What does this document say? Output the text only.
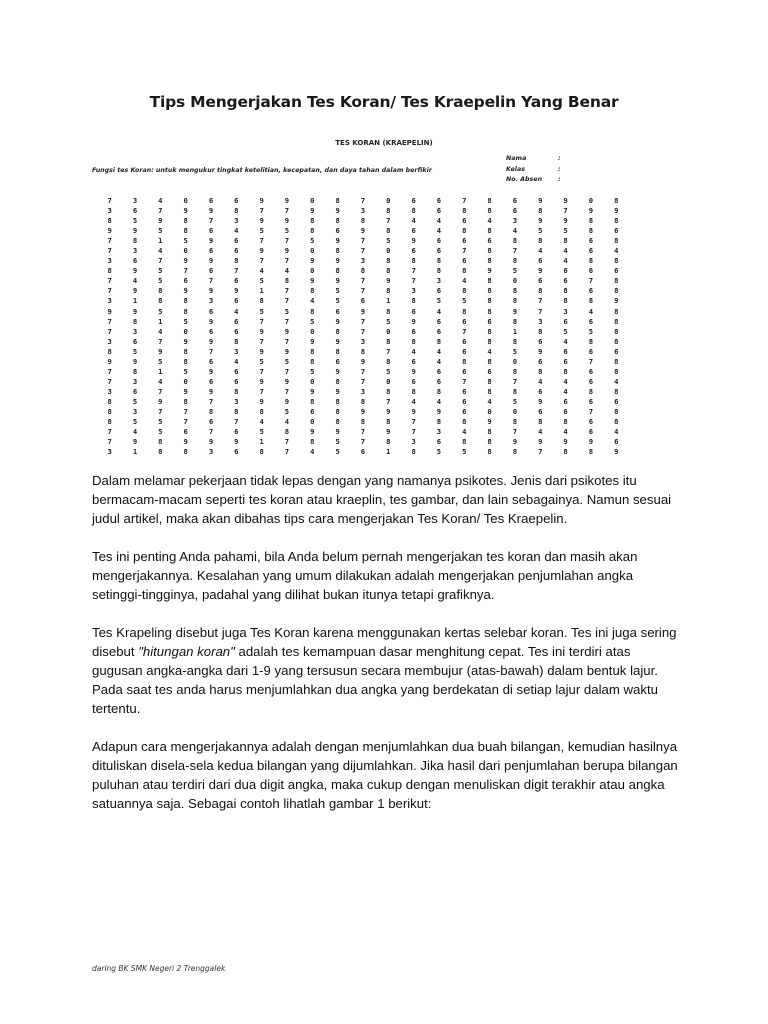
Tips Mengerjakan Tes Koran/ Tes Kraepelin Yang Benar
TES KORAN (KRAEPELIN)
Fungsi tes Koran: untuk mengukur tingkat ketelitian, kecepatan, dan daya tahan dalam berfikir
Nama	:
Kelas	:
No. Absen	:
7	3	4	0	6	6	9	9	0	8	7	0	6	6	7	8	6	9	9	0	8
3	6	7	9	9	8	7	7	9	9	3	8	8	6	8	8	6	8	7	9	9
8	5	9	8	7	3	9	9	8	8	8	7	4	4	6	4	3	9	9	8	8
9	9	5	8	6	4	5	5	8	6	9	8	6	4	8	8	4	5	5	8	6
7	8	1	5	9	6	7	7	5	9	7	5	9	6	6	6	8	8	8	6	8
7	3	4	0	6	6	9	9	0	8	7	0	6	6	7	8	7	4	4	6	4
3	6	7	9	9	8	7	7	9	9	3	8	8	8	6	8	8	6	4	8	8
8	9	5	7	6	7	4	4	0	8	8	8	7	8	8	9	5	9	6	6	6
7	4	5	6	7	6	5	8	9	9	7	9	7	3	4	8	0	6	6	7	8
7	9	8	9	9	9	1	7	8	5	7	8	3	6	8	8	8	8	8	6	8
3	1	8	8	3	6	8	7	4	5	6	1	8	5	5	8	8	7	8	8	9
9	9	5	8	6	4	5	5	8	6	9	8	6	4	8	8	9	7	3	4	8
7	8	1	5	9	6	7	7	5	9	7	5	9	6	6	6	8	3	6	6	8
7	3	4	0	6	6	9	9	0	8	7	0	6	6	7	8	1	8	5	5	8
3	6	7	9	9	8	7	7	9	9	3	8	8	8	6	8	8	6	4	8	8
8	5	9	8	7	3	9	9	8	8	8	7	4	4	6	4	5	9	6	6	6
9	9	5	8	6	4	5	5	8	6	9	8	6	4	8	8	0	6	6	7	8
7	8	1	5	9	6	7	7	5	9	7	5	9	6	6	6	8	8	8	6	8
7	3	4	0	6	6	9	9	0	8	7	0	6	6	7	8	7	4	4	6	4
3	6	7	9	9	8	7	7	9	9	3	8	8	8	6	8	8	6	4	8	8
8	5	9	8	7	3	9	9	8	8	8	7	4	4	6	4	5	9	6	6	6
8	3	7	7	8	8	8	5	6	8	9	9	9	9	6	0	0	6	6	7	8
8	5	5	7	6	7	4	4	0	8	8	8	7	8	8	9	8	8	8	6	8
7	4	5	6	7	6	5	8	9	9	7	9	7	3	4	8	7	4	4	6	4
7	9	8	9	9	9	1	7	8	5	7	8	3	6	8	8	9	9	9	9	6
3	1	8	8	3	6	8	7	4	5	6	1	8	5	5	8	8	7	8	8	9

Dalam melamar pekerjaan tidak lepas dengan yang namanya psikotes. Jenis dari psikotes itu bermacam-macam seperti tes koran atau kraeplin, tes gambar, dan lain sebagainya. Namun sesuai judul artikel, maka akan dibahas tips cara mengerjakan Tes Koran/ Tes Kraepelin.

Tes ini penting Anda pahami, bila Anda belum pernah mengerjakan tes koran dan masih akan mengerjakannya. Kesalahan yang umum dilakukan adalah mengerjakan penjumlahan angka setinggi-tingginya, padahal yang dilihat bukan itunya tetapi grafiknya.

Tes Krapeling disebut juga Tes Koran karena menggunakan kertas selebar koran. Tes ini juga sering disebut "hitungan koran" adalah tes kemampuan dasar menghitung cepat. Tes ini terdiri atas gugusan angka-angka dari 1-9 yang tersusun secara membujur (atas-bawah) dalam bentuk lajur. Pada saat tes anda harus menjumlahkan dua angka yang berdekatan di setiap lajur dalam waktu tertentu.

Adapun cara mengerjakannya adalah dengan menjumlahkan dua buah bilangan, kemudian hasilnya dituliskan disela-sela kedua bilangan yang dijumlahkan. Jika hasil dari penjumlahan berupa bilangan puluhan atau terdiri dari dua digit angka, maka cukup dengan menuliskan digit terakhir atau angka satuannya saja. Sebagai contoh lihatlah gambar 1 berikut:

daring BK SMK Negeri 2 Trenggalek
